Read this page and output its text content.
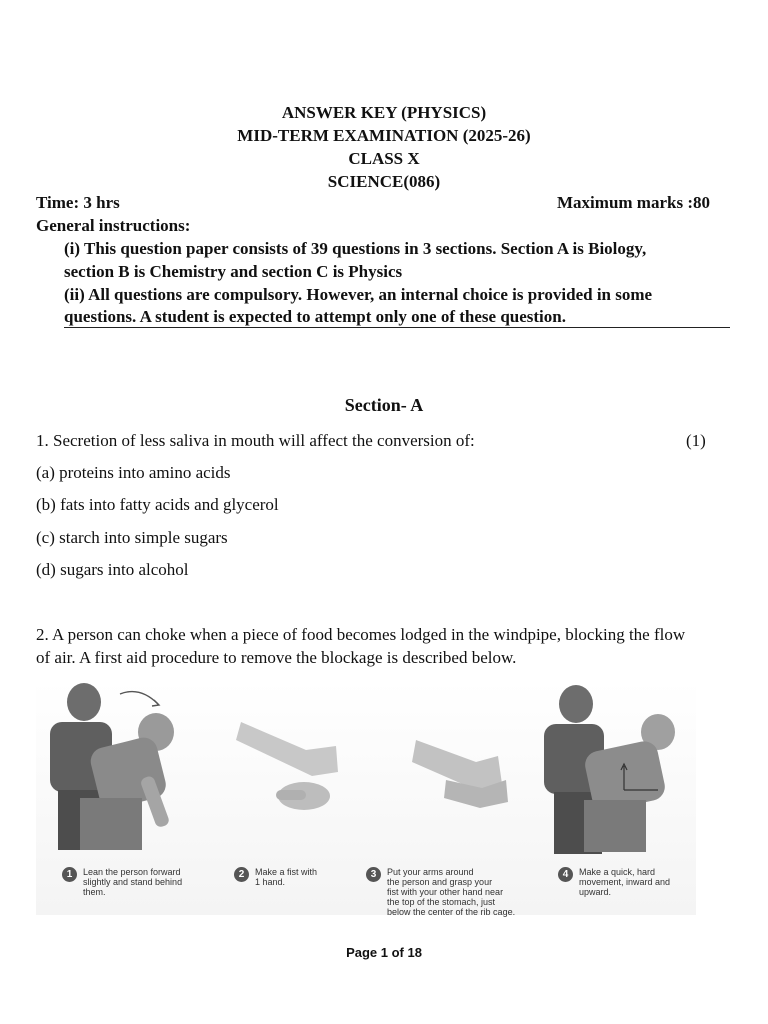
ANSWER KEY (PHYSICS)
MID-TERM EXAMINATION (2025-26)
CLASS X
SCIENCE(086)
Time: 3 hrs	Maximum marks :80
General instructions:
(i) This question paper consists of 39 questions in 3 sections. Section A is Biology,
section B is Chemistry and section C is Physics
(ii) All questions are compulsory. However, an internal choice is provided in some
questions. A student is expected to attempt only one of these question.
Section- A
1. Secretion of less saliva in mouth will affect the conversion of:	(1)
(a) proteins into amino acids
(b) fats into fatty acids and glycerol
(c) starch into simple sugars
(d) sugars into alcohol
2. A person can choke when a piece of food becomes lodged in the windpipe, blocking the flow
of air. A first aid procedure to remove the blockage is described below.
1 Lean the person forward
slightly and stand behind
them.
2 Make a fist with
1 hand.
3 Put your arms around
the person and grasp your
fist with your other hand near
the top of the stomach, just
below the center of the rib cage.
4 Make a quick, hard
movement, inward and
upward.
Page 1 of 18
